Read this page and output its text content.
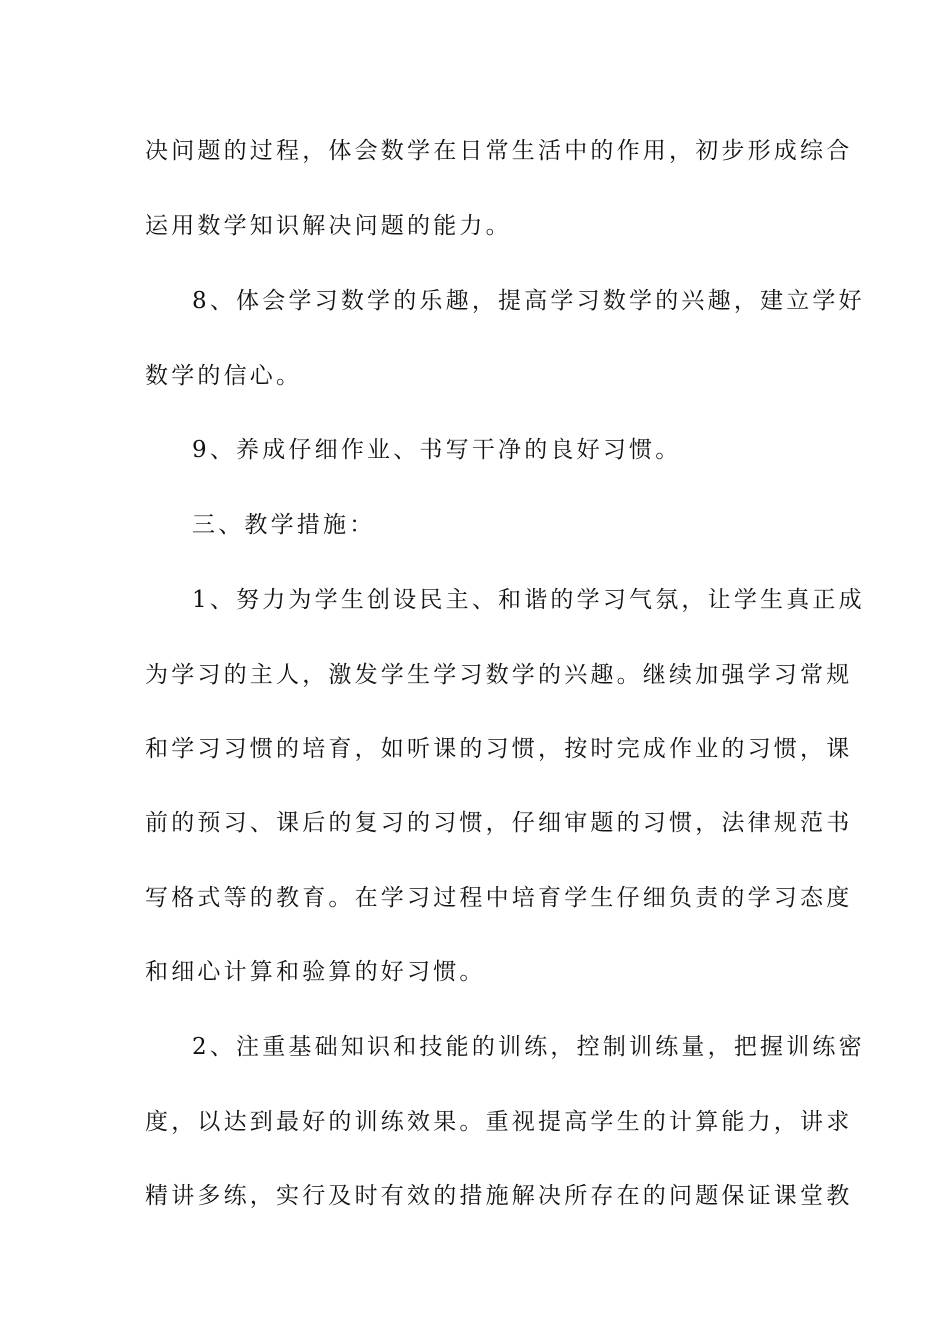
决问题的过程，体会数学在日常生活中的作用，初步形成综合
运用数学知识解决问题的能力。
8、体会学习数学的乐趣，提高学习数学的兴趣，建立学好
数学的信心。
9、养成仔细作业、书写干净的良好习惯。
三、教学措施：
1、努力为学生创设民主、和谐的学习气氛，让学生真正成
为学习的主人，激发学生学习数学的兴趣。继续加强学习常规
和学习习惯的培育，如听课的习惯，按时完成作业的习惯，课
前的预习、课后的复习的习惯，仔细审题的习惯，法律规范书
写格式等的教育。在学习过程中培育学生仔细负责的学习态度
和细心计算和验算的好习惯。
2、注重基础知识和技能的训练，控制训练量，把握训练密
度，以达到最好的训练效果。重视提高学生的计算能力，讲求
精讲多练，实行及时有效的措施解决所存在的问题保证课堂教
